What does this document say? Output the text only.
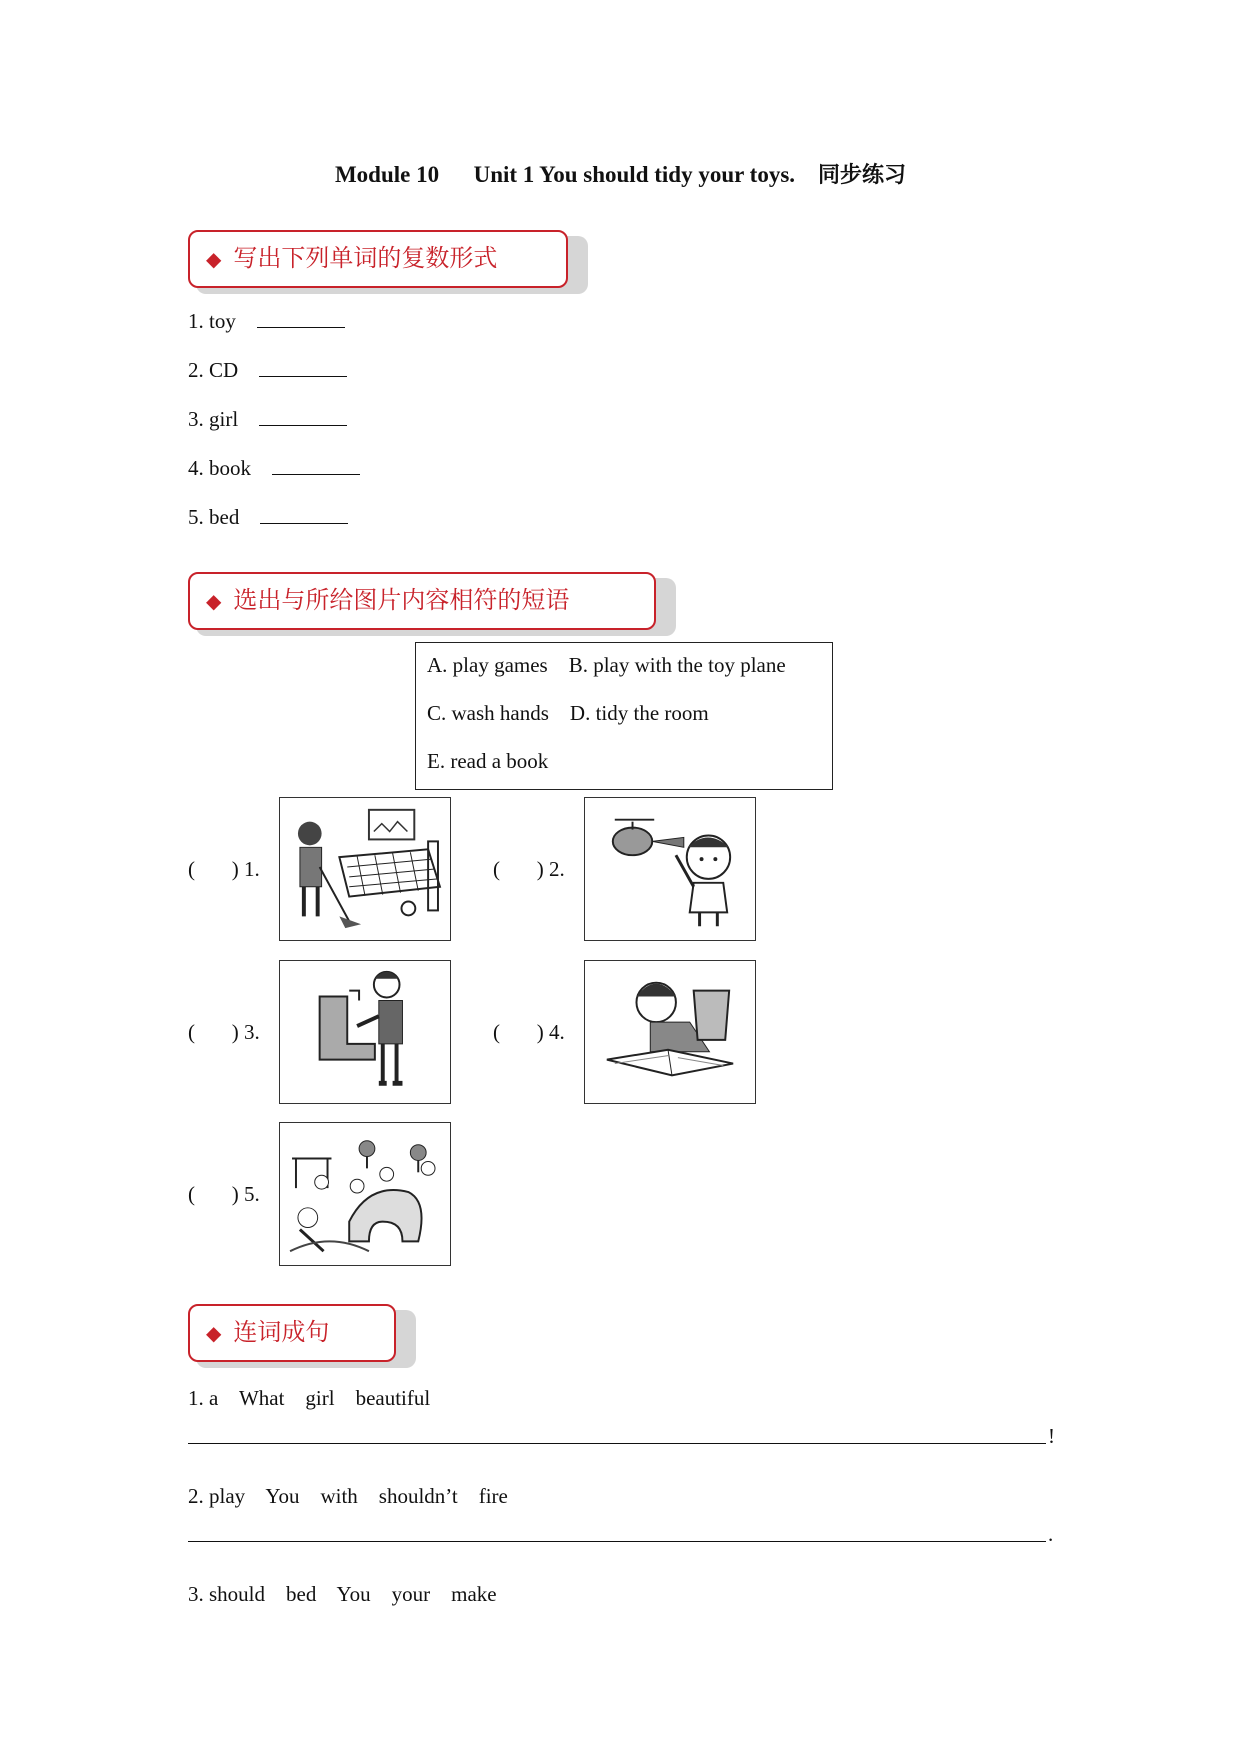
Module 10 Unit 1 You should tidy your toys. 同步练习
◆ 写出下列单词的复数形式
1. toy
2. CD
3. girl
4. book
5. bed
◆ 选出与所给图片内容相符的短语
A. play games    B. play with the toy plane
C. wash hands    D. tidy the room
E. read a book
( ) 1.	( ) 2.
( ) 3.	( ) 4.
( ) 5.
◆ 连词成句
1. a    What    girl    beautiful
!
2. play    You    with    shouldn’t    fire
.
3. should    bed    You    your    make
